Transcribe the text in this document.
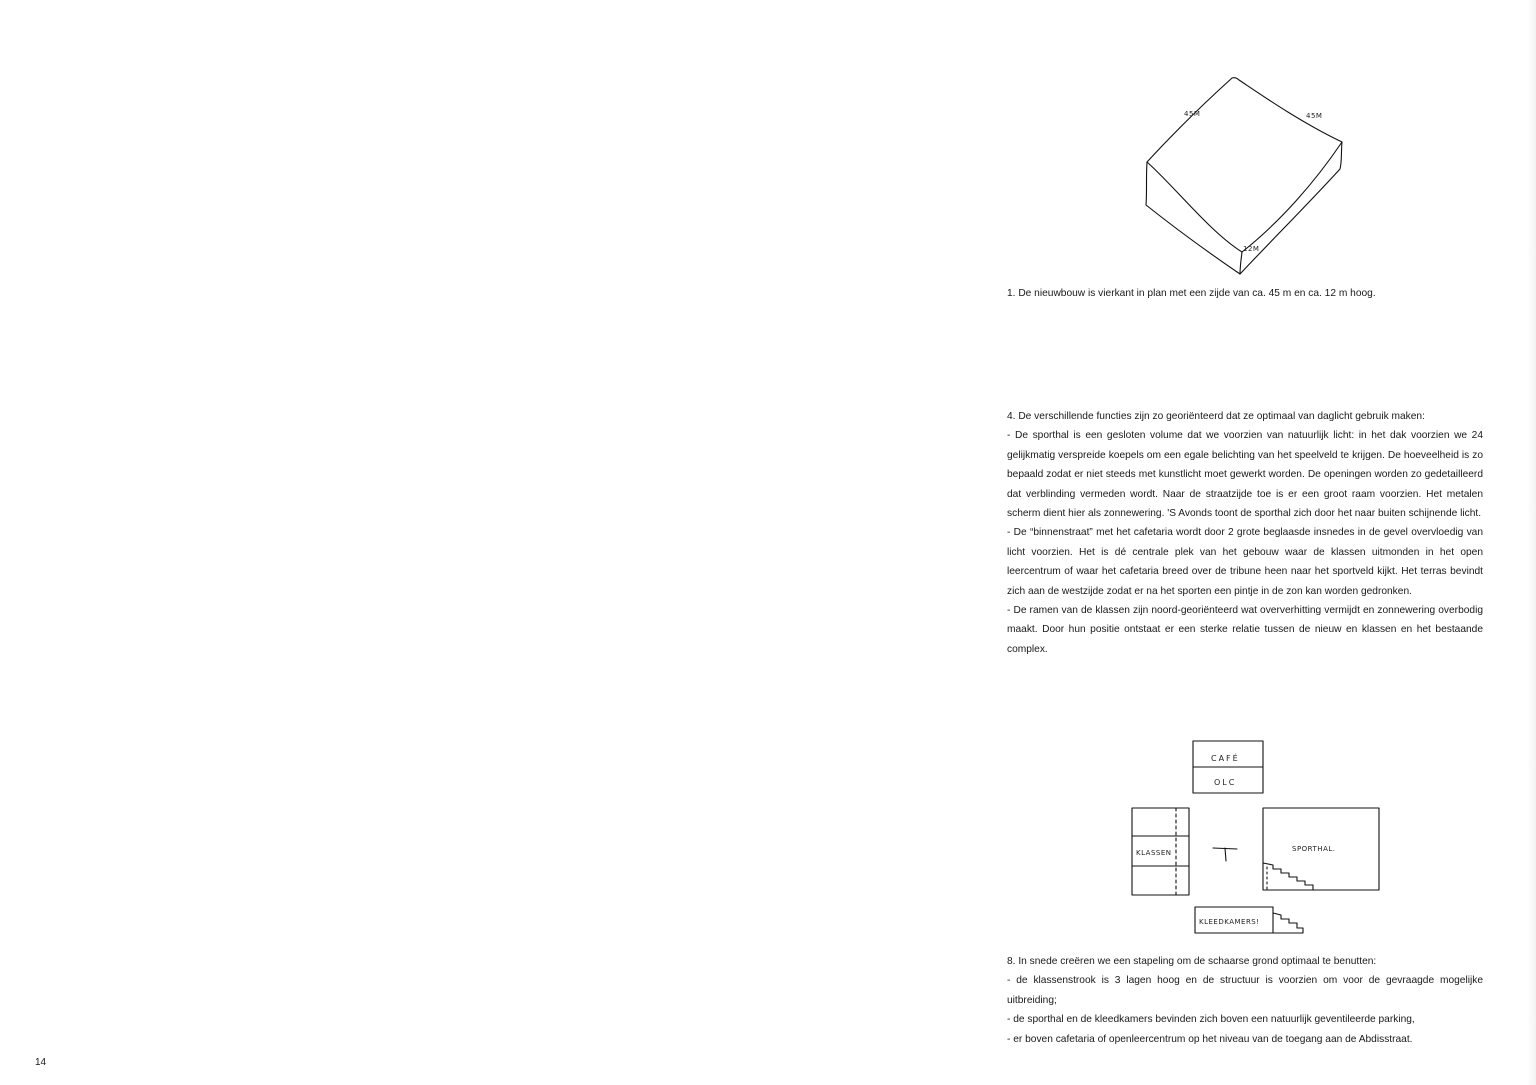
45M	45M
12M
1. De nieuwbouw is vierkant in plan met een zijde van ca. 45 m en ca. 12 m hoog.

4. De verschillende functies zijn zo georiënteerd dat ze optimaal van daglicht gebruik maken:

- De sporthal is een gesloten volume dat we voorzien van natuurlijk licht: in het dak voorzien we 24 gelijkmatig verspreide koepels om een egale belichting van het speelveld te krijgen. De hoeveelheid is zo bepaald zodat er niet steeds met kunstlicht moet gewerkt worden. De openingen worden zo gedetailleerd dat verblinding vermeden wordt. Naar de straatzijde toe is er een groot raam voorzien. Het metalen scherm dient hier als zonnewering. 'S Avonds toont de sporthal zich door het naar buiten schijnende licht.

- De “binnenstraat” met het cafetaria wordt door 2 grote beglaasde insnedes in de gevel overvloedig van licht voorzien. Het is dé centrale plek van het gebouw waar de klassen uitmonden in het open leercentrum of waar het cafetaria breed over de tribune heen naar het sportveld kijkt. Het terras bevindt zich aan de westzijde zodat er na het sporten een pintje in de zon kan worden gedronken.

- De ramen van de klassen zijn noord-georiënteerd wat oververhitting vermijdt en zonnewering overbodig maakt. Door hun positie ontstaat er een sterke relatie tussen de nieuw en klassen en het bestaande complex.

CAFÉ
OLC
KLASSEN	SPORTHAL.
KLEEDKAMERS!

8. In snede creëren we een stapeling om de schaarse grond optimaal te benutten:

- de klassenstrook is 3 lagen hoog en de structuur is voorzien om voor de gevraagde mogelijke uitbreiding;

- de sporthal en de kleedkamers bevinden zich boven een natuurlijk geventileerde parking,

- er boven cafetaria of openleercentrum op het niveau van de toegang aan de Abdisstraat.

14
